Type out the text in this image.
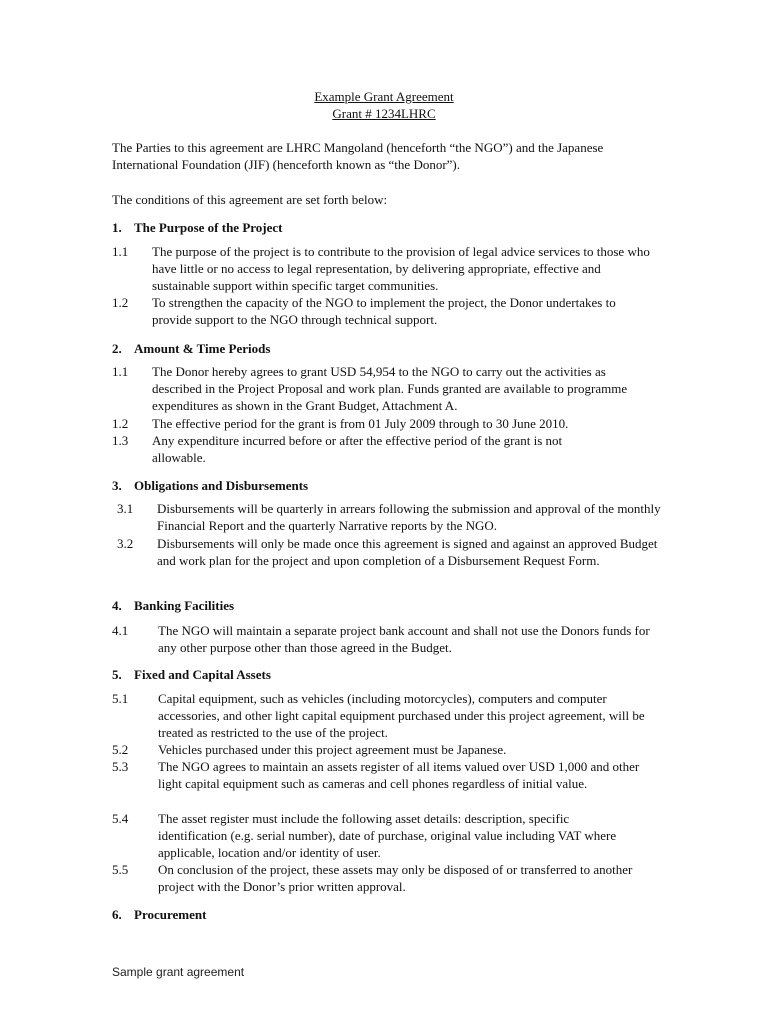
Example Grant Agreement
Grant # 1234LHRC
The Parties to this agreement are LHRC Mangoland (henceforth “the NGO”) and the Japanese International Foundation (JIF) (henceforth known as “the Donor”).
The conditions of this agreement are set forth below:
1. The Purpose of the Project
1.1 The purpose of the project is to contribute to the provision of legal advice services to those who have little or no access to legal representation, by delivering appropriate, effective and sustainable support within specific target communities.
1.2 To strengthen the capacity of the NGO to implement the project, the Donor undertakes to provide support to the NGO through technical support.
2. Amount & Time Periods
1.1 The Donor hereby agrees to grant USD 54,954 to the NGO to carry out the activities as described in the Project Proposal and work plan. Funds granted are available to programme expenditures as shown in the Grant Budget, Attachment A.
1.2 The effective period for the grant is from 01 July 2009 through to 30 June 2010.
1.3 Any expenditure incurred before or after the effective period of the grant is not allowable.
3. Obligations and Disbursements
3.1 Disbursements will be quarterly in arrears following the submission and approval of the monthly Financial Report and the quarterly Narrative reports by the NGO.
3.2 Disbursements will only be made once this agreement is signed and against an approved Budget and work plan for the project and upon completion of a Disbursement Request Form.
4. Banking Facilities
4.1 The NGO will maintain a separate project bank account and shall not use the Donors funds for any other purpose other than those agreed in the Budget.
5. Fixed and Capital Assets
5.1 Capital equipment, such as vehicles (including motorcycles), computers and computer accessories, and other light capital equipment purchased under this project agreement, will be treated as restricted to the use of the project.
5.2 Vehicles purchased under this project agreement must be Japanese.
5.3 The NGO agrees to maintain an assets register of all items valued over USD 1,000 and other light capital equipment such as cameras and cell phones regardless of initial value.
5.4 The asset register must include the following asset details: description, specific identification (e.g. serial number), date of purchase, original value including VAT where applicable, location and/or identity of user.
5.5 On conclusion of the project, these assets may only be disposed of or transferred to another project with the Donor’s prior written approval.
6. Procurement
Sample grant agreement
